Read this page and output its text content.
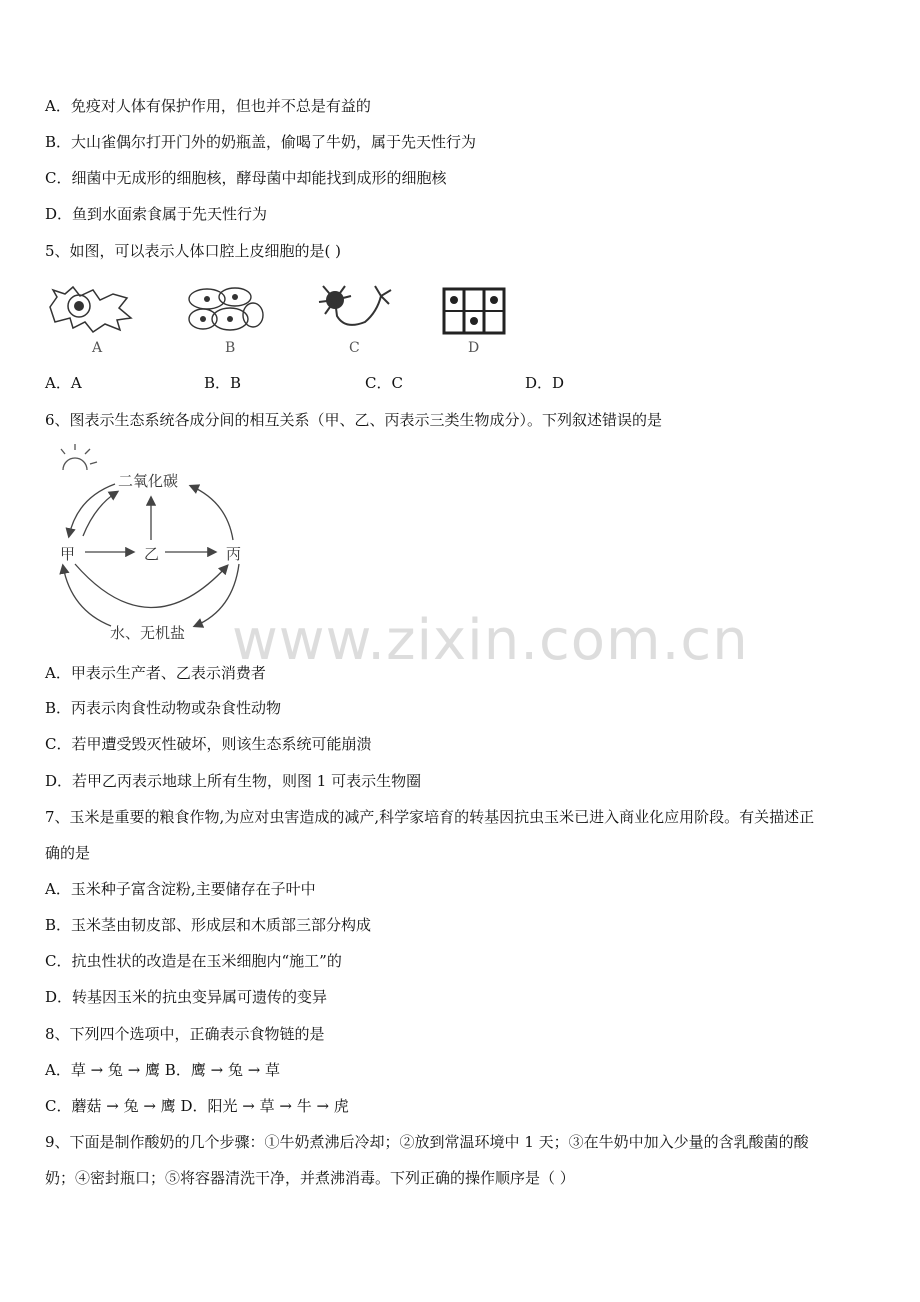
A．免疫对人体有保护作用，但也并不总是有益的
B．大山雀偶尔打开门外的奶瓶盖，偷喝了牛奶，属于先天性行为
C．细菌中无成形的细胞核，酵母菌中却能找到成形的细胞核
D．鱼到水面索食属于先天性行为
5、如图，可以表示人体口腔上皮细胞的是( )
A	B	C	D
A．A	B．B	C．C	D．D
6、图表示生态系统各成分间的相互关系（甲、乙、丙表示三类生物成分）。下列叙述错误的是
二氧化碳
甲	乙	丙
水、无机盐 www.zixin.com.cn
A．甲表示生产者、乙表示消费者
B．丙表示肉食性动物或杂食性动物
C．若甲遭受毁灭性破坏，则该生态系统可能崩溃
D．若甲乙丙表示地球上所有生物，则图 1 可表示生物圈
7、玉米是重要的粮食作物,为应对虫害造成的减产,科学家培育的转基因抗虫玉米已进入商业化应用阶段。有关描述正
确的是
A．玉米种子富含淀粉,主要储存在子叶中
B．玉米茎由韧皮部、形成层和木质部三部分构成
C．抗虫性状的改造是在玉米细胞内“施工”的
D．转基因玉米的抗虫变异属可遗传的变异
8、下列四个选项中，正确表示食物链的是
A．草 → 兔 → 鹰 B．鹰 → 兔 → 草
C．蘑菇 → 兔 → 鹰 D．阳光 → 草 → 牛 → 虎
9、下面是制作酸奶的几个步骤：①牛奶煮沸后冷却；②放到常温环境中 1 天；③在牛奶中加入少量的含乳酸菌的酸
奶；④密封瓶口；⑤将容器清洗干净，并煮沸消毒。下列正确的操作顺序是（ ）
